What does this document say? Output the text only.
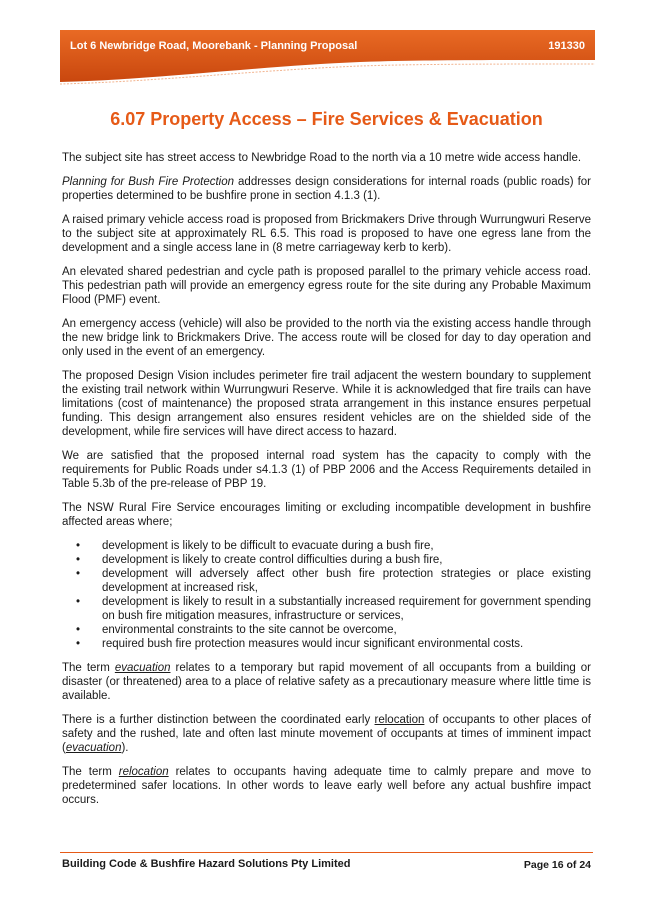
Lot 6 Newbridge Road, Moorebank - Planning Proposal	191330
6.07 Property Access – Fire Services & Evacuation

The subject site has street access to Newbridge Road to the north via a 10 metre wide access handle.

Planning for Bush Fire Protection addresses design considerations for internal roads (public roads) for properties determined to be bushfire prone in section 4.1.3 (1).

A raised primary vehicle access road is proposed from Brickmakers Drive through Wurrungwuri Reserve to the subject site at approximately RL 6.5. This road is proposed to have one egress lane from the development and a single access lane in (8 metre carriageway kerb to kerb).

An elevated shared pedestrian and cycle path is proposed parallel to the primary vehicle access road. This pedestrian path will provide an emergency egress route for the site during any Probable Maximum Flood (PMF) event.

An emergency access (vehicle) will also be provided to the north via the existing access handle through the new bridge link to Brickmakers Drive. The access route will be closed for day to day operation and only used in the event of an emergency.

The proposed Design Vision includes perimeter fire trail adjacent the western boundary to supplement the existing trail network within Wurrungwuri Reserve. While it is acknowledged that fire trails can have limitations (cost of maintenance) the proposed strata arrangement in this instance ensures perpetual funding. This design arrangement also ensures resident vehicles are on the shielded side of the development, while fire services will have direct access to hazard.

We are satisfied that the proposed internal road system has the capacity to comply with the requirements for Public Roads under s4.1.3 (1) of PBP 2006 and the Access Requirements detailed in Table 5.3b of the pre-release of PBP 19.

The NSW Rural Fire Service encourages limiting or excluding incompatible development in bushfire affected areas where;

• development is likely to be difficult to evacuate during a bush fire,
• development is likely to create control difficulties during a bush fire,
• development will adversely affect other bush fire protection strategies or place existing development at increased risk,
• development is likely to result in a substantially increased requirement for government spending on bush fire mitigation measures, infrastructure or services,
• environmental constraints to the site cannot be overcome,
• required bush fire protection measures would incur significant environmental costs.

The term evacuation relates to a temporary but rapid movement of all occupants from a building or disaster (or threatened) area to a place of relative safety as a precautionary measure where little time is available.

There is a further distinction between the coordinated early relocation of occupants to other places of safety and the rushed, late and often last minute movement of occupants at times of imminent impact (evacuation).

The term relocation relates to occupants having adequate time to calmly prepare and move to predetermined safer locations. In other words to leave early well before any actual bushfire impact occurs.

Building Code & Bushfire Hazard Solutions Pty Limited	Page 16 of 24
